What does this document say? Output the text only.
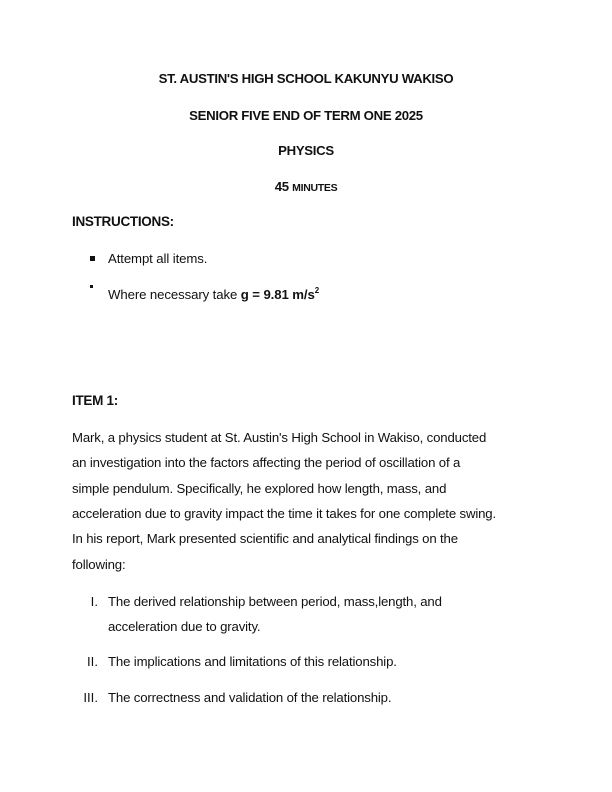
ST. AUSTIN'S HIGH SCHOOL KAKUNYU WAKISO
SENIOR FIVE END OF TERM ONE 2025
PHYSICS
45 MINUTES
INSTRUCTIONS:
Attempt all items.
Where necessary take g = 9.81 $m/s^2$
ITEM 1:
Mark, a physics student at St. Austin's High School in Wakiso, conducted
an investigation into the factors affecting the period of oscillation of a
simple pendulum. Specifically, he explored how length, mass, and
acceleration due to gravity impact the time it takes for one complete swing.
In his report, Mark presented scientific and analytical findings on the
following:
I. The derived relationship between period, mass,length, and
acceleration due to gravity.
II. The implications and limitations of this relationship.
III. The correctness and validation of the relationship.
